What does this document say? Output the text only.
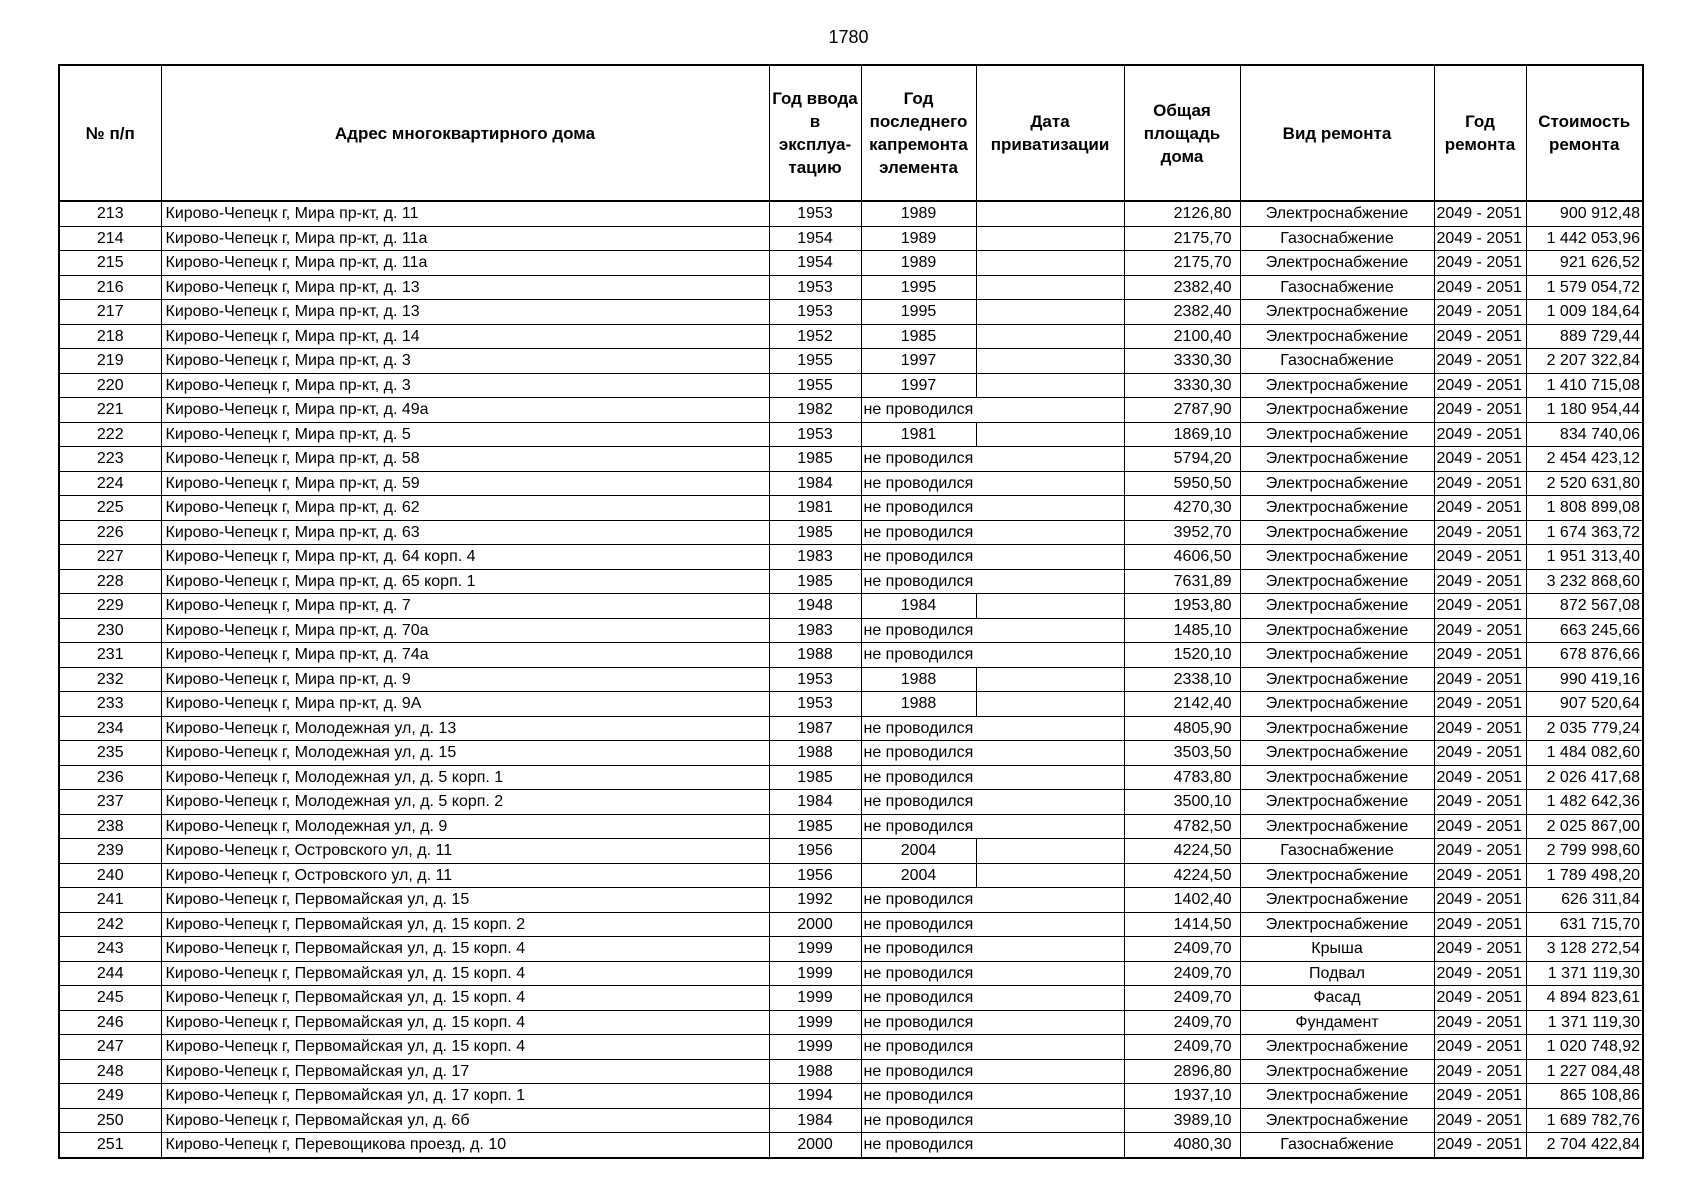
1780
№ п/п	Адрес многоквартирного дома	Год ввода в эксплуа-тацию	Год последнего капремонта элемента	Дата приватизации	Общая площадь дома	Вид ремонта	Год ремонта	Стоимость ремонта
213	Кирово-Чепецк г, Мира пр-кт, д. 11	1953	1989		2126,80	Электроснабжение	2049 - 2051	900 912,48
214	Кирово-Чепецк г, Мира пр-кт, д. 11а	1954	1989		2175,70	Газоснабжение	2049 - 2051	1 442 053,96
215	Кирово-Чепецк г, Мира пр-кт, д. 11а	1954	1989		2175,70	Электроснабжение	2049 - 2051	921 626,52
216	Кирово-Чепецк г, Мира пр-кт, д. 13	1953	1995		2382,40	Газоснабжение	2049 - 2051	1 579 054,72
217	Кирово-Чепецк г, Мира пр-кт, д. 13	1953	1995		2382,40	Электроснабжение	2049 - 2051	1 009 184,64
218	Кирово-Чепецк г, Мира пр-кт, д. 14	1952	1985		2100,40	Электроснабжение	2049 - 2051	889 729,44
219	Кирово-Чепецк г, Мира пр-кт, д. 3	1955	1997		3330,30	Газоснабжение	2049 - 2051	2 207 322,84
220	Кирово-Чепецк г, Мира пр-кт, д. 3	1955	1997		3330,30	Электроснабжение	2049 - 2051	1 410 715,08
221	Кирово-Чепецк г, Мира пр-кт, д. 49а	1982	не проводился		2787,90	Электроснабжение	2049 - 2051	1 180 954,44
222	Кирово-Чепецк г, Мира пр-кт, д. 5	1953	1981		1869,10	Электроснабжение	2049 - 2051	834 740,06
223	Кирово-Чепецк г, Мира пр-кт, д. 58	1985	не проводился		5794,20	Электроснабжение	2049 - 2051	2 454 423,12
224	Кирово-Чепецк г, Мира пр-кт, д. 59	1984	не проводился		5950,50	Электроснабжение	2049 - 2051	2 520 631,80
225	Кирово-Чепецк г, Мира пр-кт, д. 62	1981	не проводился		4270,30	Электроснабжение	2049 - 2051	1 808 899,08
226	Кирово-Чепецк г, Мира пр-кт, д. 63	1985	не проводился		3952,70	Электроснабжение	2049 - 2051	1 674 363,72
227	Кирово-Чепецк г, Мира пр-кт, д. 64 корп. 4	1983	не проводился		4606,50	Электроснабжение	2049 - 2051	1 951 313,40
228	Кирово-Чепецк г, Мира пр-кт, д. 65 корп. 1	1985	не проводился		7631,89	Электроснабжение	2049 - 2051	3 232 868,60
229	Кирово-Чепецк г, Мира пр-кт, д. 7	1948	1984		1953,80	Электроснабжение	2049 - 2051	872 567,08
230	Кирово-Чепецк г, Мира пр-кт, д. 70а	1983	не проводился		1485,10	Электроснабжение	2049 - 2051	663 245,66
231	Кирово-Чепецк г, Мира пр-кт, д. 74а	1988	не проводился		1520,10	Электроснабжение	2049 - 2051	678 876,66
232	Кирово-Чепецк г, Мира пр-кт, д. 9	1953	1988		2338,10	Электроснабжение	2049 - 2051	990 419,16
233	Кирово-Чепецк г, Мира пр-кт, д. 9А	1953	1988		2142,40	Электроснабжение	2049 - 2051	907 520,64
234	Кирово-Чепецк г, Молодежная ул, д. 13	1987	не проводился		4805,90	Электроснабжение	2049 - 2051	2 035 779,24
235	Кирово-Чепецк г, Молодежная ул, д. 15	1988	не проводился		3503,50	Электроснабжение	2049 - 2051	1 484 082,60
236	Кирово-Чепецк г, Молодежная ул, д. 5 корп. 1	1985	не проводился		4783,80	Электроснабжение	2049 - 2051	2 026 417,68
237	Кирово-Чепецк г, Молодежная ул, д. 5 корп. 2	1984	не проводился		3500,10	Электроснабжение	2049 - 2051	1 482 642,36
238	Кирово-Чепецк г, Молодежная ул, д. 9	1985	не проводился		4782,50	Электроснабжение	2049 - 2051	2 025 867,00
239	Кирово-Чепецк г, Островского ул, д. 11	1956	2004		4224,50	Газоснабжение	2049 - 2051	2 799 998,60
240	Кирово-Чепецк г, Островского ул, д. 11	1956	2004		4224,50	Электроснабжение	2049 - 2051	1 789 498,20
241	Кирово-Чепецк г, Первомайская ул, д. 15	1992	не проводился		1402,40	Электроснабжение	2049 - 2051	626 311,84
242	Кирово-Чепецк г, Первомайская ул, д. 15 корп. 2	2000	не проводился		1414,50	Электроснабжение	2049 - 2051	631 715,70
243	Кирово-Чепецк г, Первомайская ул, д. 15 корп. 4	1999	не проводился		2409,70	Крыша	2049 - 2051	3 128 272,54
244	Кирово-Чепецк г, Первомайская ул, д. 15 корп. 4	1999	не проводился		2409,70	Подвал	2049 - 2051	1 371 119,30
245	Кирово-Чепецк г, Первомайская ул, д. 15 корп. 4	1999	не проводился		2409,70	Фасад	2049 - 2051	4 894 823,61
246	Кирово-Чепецк г, Первомайская ул, д. 15 корп. 4	1999	не проводился		2409,70	Фундамент	2049 - 2051	1 371 119,30
247	Кирово-Чепецк г, Первомайская ул, д. 15 корп. 4	1999	не проводился		2409,70	Электроснабжение	2049 - 2051	1 020 748,92
248	Кирово-Чепецк г, Первомайская ул, д. 17	1988	не проводился		2896,80	Электроснабжение	2049 - 2051	1 227 084,48
249	Кирово-Чепецк г, Первомайская ул, д. 17 корп. 1	1994	не проводился		1937,10	Электроснабжение	2049 - 2051	865 108,86
250	Кирово-Чепецк г, Первомайская ул, д. 6б	1984	не проводился		3989,10	Электроснабжение	2049 - 2051	1 689 782,76
251	Кирово-Чепецк г, Перевощикова проезд, д. 10	2000	не проводился		4080,30	Газоснабжение	2049 - 2051	2 704 422,84
